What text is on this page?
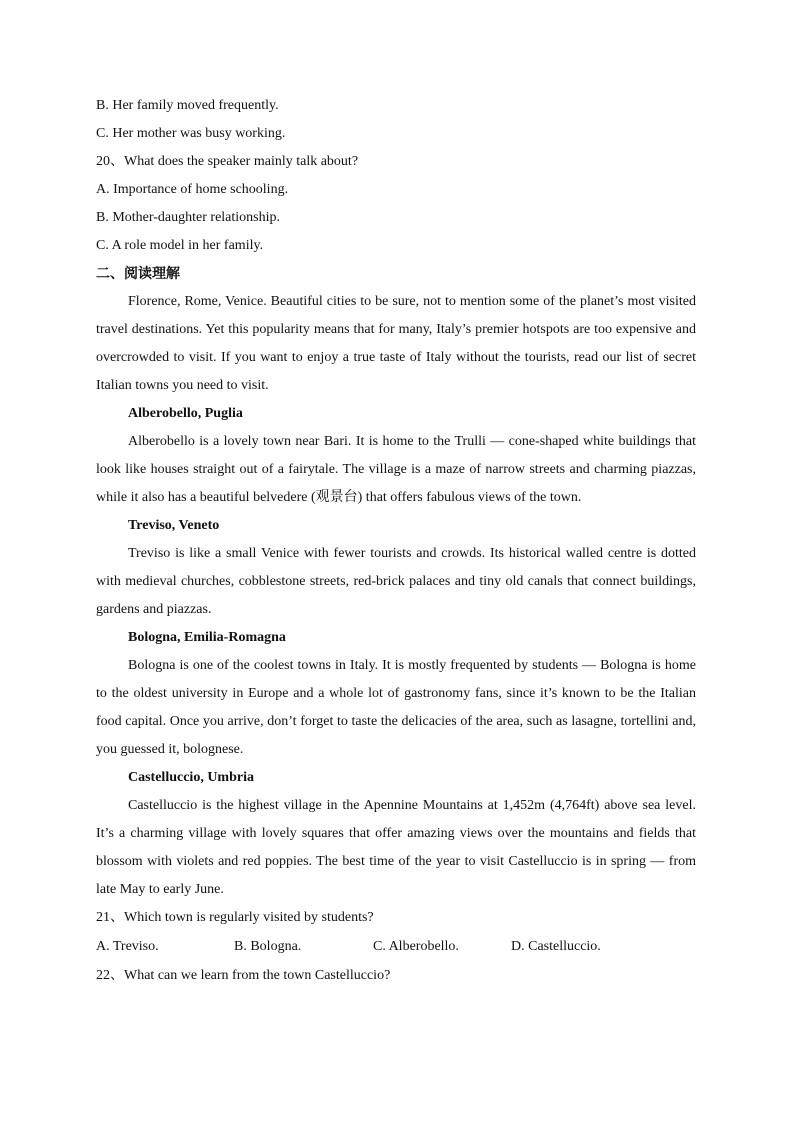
B. Her family moved frequently.
C. Her mother was busy working.
20、What does the speaker mainly talk about?
A. Importance of home schooling.
B. Mother-daughter relationship.
C. A role model in her family.
二、阅读理解

Florence, Rome, Venice. Beautiful cities to be sure, not to mention some of the planet’s most visited travel destinations. Yet this popularity means that for many, Italy’s premier hotspots are too expensive and overcrowded to visit. If you want to enjoy a true taste of Italy without the tourists, read our list of secret Italian towns you need to visit.

Alberobello, Puglia

Alberobello is a lovely town near Bari. It is home to the Trulli — cone-shaped white buildings that look like houses straight out of a fairytale. The village is a maze of narrow streets and charming piazzas, while it also has a beautiful belvedere (观景台) that offers fabulous views of the town.

Treviso, Veneto

Treviso is like a small Venice with fewer tourists and crowds. Its historical walled centre is dotted with medieval churches, cobblestone streets, red-brick palaces and tiny old canals that connect buildings, gardens and piazzas.

Bologna, Emilia-Romagna

Bologna is one of the coolest towns in Italy. It is mostly frequented by students — Bologna is home to the oldest university in Europe and a whole lot of gastronomy fans, since it’s known to be the Italian food capital. Once you arrive, don’t forget to taste the delicacies of the area, such as lasagne, tortellini and, you guessed it, bolognese.

Castelluccio, Umbria

Castelluccio is the highest village in the Apennine Mountains at 1,452m (4,764ft) above sea level. It’s a charming village with lovely squares that offer amazing views over the mountains and fields that blossom with violets and red poppies. The best time of the year to visit Castelluccio is in spring — from late May to early June.

21、Which town is regularly visited by students?
A. Treviso.	B. Bologna.	C. Alberobello.	D. Castelluccio.
22、What can we learn from the town Castelluccio?
